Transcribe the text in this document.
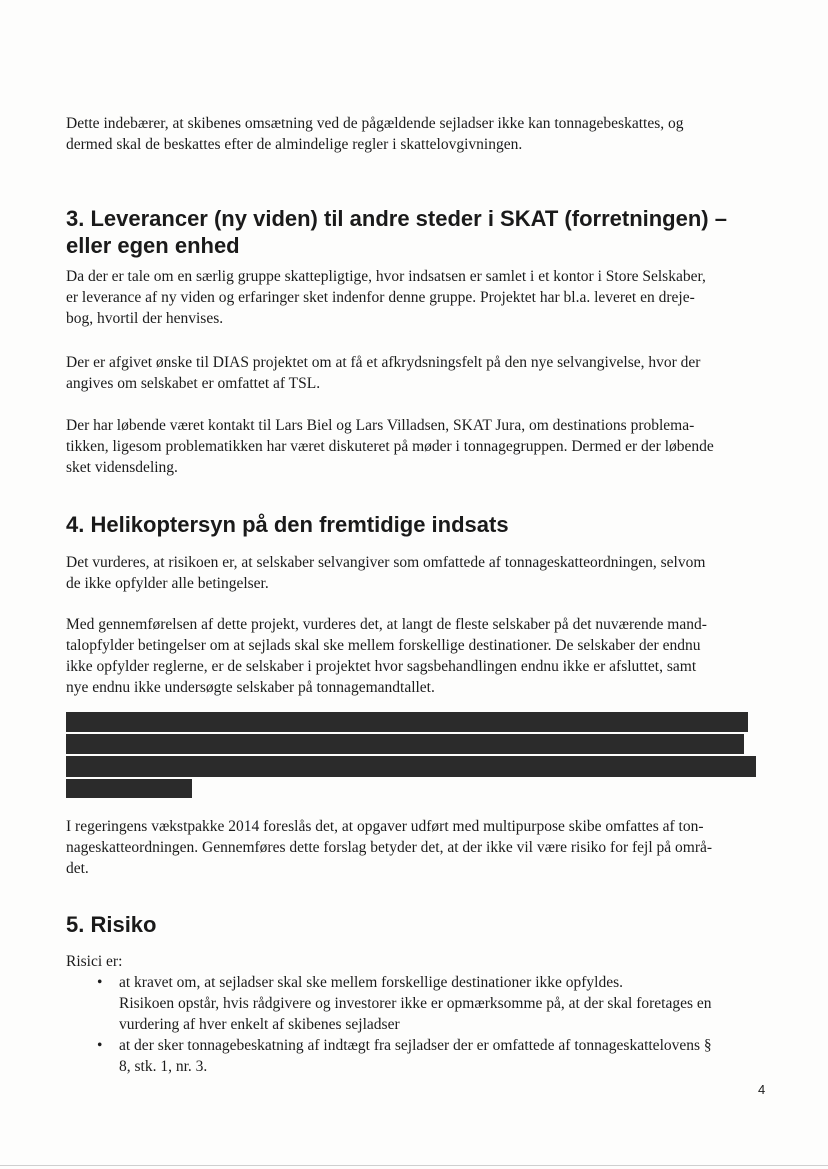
Dette indebærer, at skibenes omsætning ved de pågældende sejladser ikke kan tonnagebeskattes, og

dermed skal de beskattes efter de almindelige regler i skattelovgivningen.

3. Leverancer (ny viden) til andre steder i SKAT (forretningen) –
eller egen enhed

Da der er tale om en særlig gruppe skattepligtige, hvor indsatsen er samlet i et kontor i Store Selskaber,

er leverance af ny viden og erfaringer sket indenfor denne gruppe. Projektet har bl.a. leveret en dreje-

bog, hvortil der henvises.

Der er afgivet ønske til DIAS projektet om at få et afkrydsningsfelt på den nye selvangivelse, hvor der

angives om selskabet er omfattet af TSL.

Der har løbende været kontakt til Lars Biel og Lars Villadsen, SKAT Jura, om destinations problema-

tikken, ligesom problematikken har været diskuteret på møder i tonnagegruppen. Dermed er der løbende

sket vidensdeling.

4. Helikoptersyn på den fremtidige indsats

Det vurderes, at risikoen er, at selskaber selvangiver som omfattede af tonnageskatteordningen, selvom

de ikke opfylder alle betingelser.

Med gennemførelsen af dette projekt, vurderes det, at langt de fleste selskaber på det nuværende mand-

talopfylder betingelser om at sejlads skal ske mellem forskellige destinationer. De selskaber der endnu

ikke opfylder reglerne, er de selskaber i projektet hvor sagsbehandlingen endnu ikke er afsluttet, samt

nye endnu ikke undersøgte selskaber på tonnagemandtallet.

I regeringens vækstpakke 2014 foreslås det, at opgaver udført med multipurpose skibe omfattes af ton-

nageskatteordningen. Gennemføres dette forslag betyder det, at der ikke vil være risiko for fejl på områ-

det.

5. Risiko

Risici er:

• at kravet om, at sejladser skal ske mellem forskellige destinationer ikke opfyldes.

Risikoen opstår, hvis rådgivere og investorer ikke er opmærksomme på, at der skal foretages en

vurdering af hver enkelt af skibenes sejladser

• at der sker tonnagebeskatning af indtægt fra sejladser der er omfattede af tonnageskattelovens §

8, stk. 1, nr. 3.

4
